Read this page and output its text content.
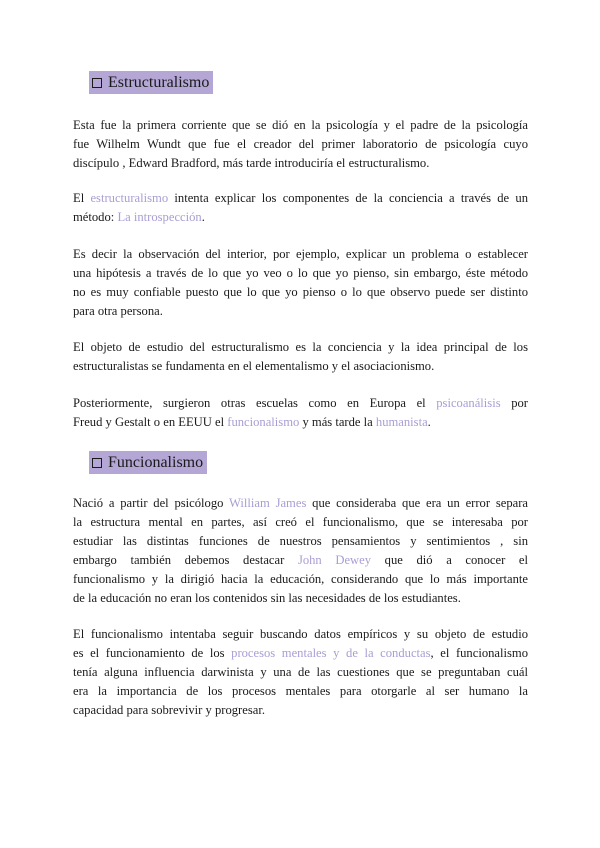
Estructuralismo
Esta fue la primera corriente que se dió en la psicología y el padre de la psicología
fue Wilhelm Wundt que fue el creador del primer laboratorio de psicología cuyo
discípulo , Edward Bradford, más tarde introduciría el estructuralismo.
El estructuralismo intenta explicar los componentes de la conciencia a través de un
método: La introspección.
Es decir la observación del interior, por ejemplo, explicar un problema o establecer
una hipótesis a través de lo que yo veo o lo que yo pienso, sin embargo, éste método
no es muy confiable puesto que lo que yo pienso o lo que observo puede ser distinto
para otra persona.
El objeto de estudio del estructuralismo es la conciencia y la idea principal de los
estructuralistas se fundamenta en el elementalismo y el asociacionismo.
Posteriormente, surgieron otras escuelas como en Europa el psicoanálisis por
Freud y Gestalt o en EEUU el funcionalismo y más tarde la humanista.
Funcionalismo
Nació a partir del psicólogo William James que consideraba que era un error separa
la estructura mental en partes, así creó el funcionalismo, que se interesaba por
estudiar las distintas funciones de nuestros pensamientos y sentimientos , sin
embargo también debemos destacar John Dewey que dió a conocer el
funcionalismo y la dirigió hacia la educación, considerando que lo más importante
de la educación no eran los contenidos sin las necesidades de los estudiantes.
El funcionalismo intentaba seguir buscando datos empíricos y su objeto de estudio
es el funcionamiento de los procesos mentales y de la conductas, el funcionalismo
tenía alguna influencia darwinista y una de las cuestiones que se preguntaban cuál
era la importancia de los procesos mentales para otorgarle al ser humano la
capacidad para sobrevivir y progresar.
